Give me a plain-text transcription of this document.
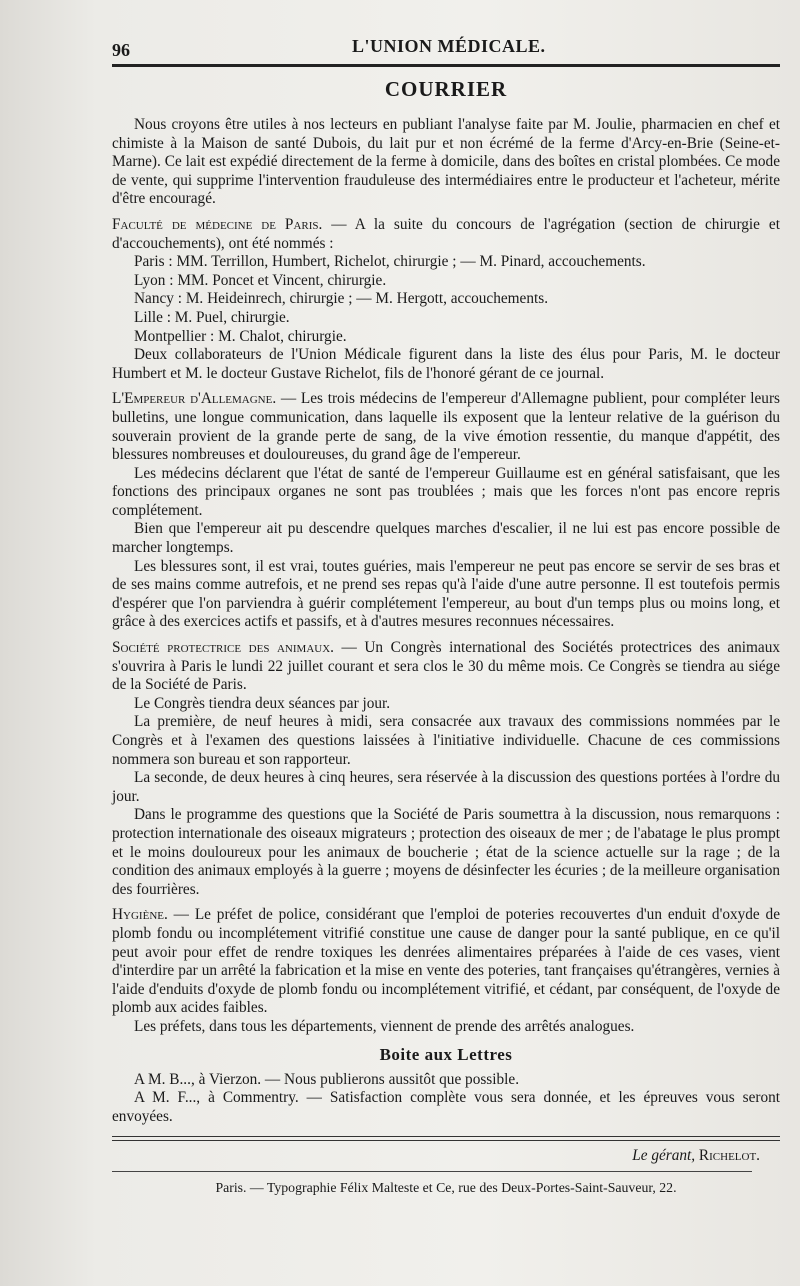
96	L'UNION MÉDICALE.
COURRIER

Nous croyons être utiles à nos lecteurs en publiant l'analyse faite par M. Joulie, pharmacien en chef et chimiste à la Maison de santé Dubois, du lait pur et non écrémé de la ferme d'Arcy-en-Brie (Seine-et-Marne). Ce lait est expédié directement de la ferme à domicile, dans des boîtes en cristal plombées. Ce mode de vente, qui supprime l'intervention frauduleuse des intermédiaires entre le producteur et l'acheteur, mérite d'être encouragé.

Faculté de médecine de Paris. — A la suite du concours de l'agrégation (section de chirurgie et d'accouchements), ont été nommés :

Paris : MM. Terrillon, Humbert, Richelot, chirurgie ; — M. Pinard, accouchements.

Lyon : MM. Poncet et Vincent, chirurgie.

Nancy : M. Heideinrech, chirurgie ; — M. Hergott, accouchements.

Lille : M. Puel, chirurgie.

Montpellier : M. Chalot, chirurgie.

Deux collaborateurs de l'Union Médicale figurent dans la liste des élus pour Paris, M. le docteur Humbert et M. le docteur Gustave Richelot, fils de l'honoré gérant de ce journal.

L'Empereur d'Allemagne. — Les trois médecins de l'empereur d'Allemagne publient, pour compléter leurs bulletins, une longue communication, dans laquelle ils exposent que la lenteur relative de la guérison du souverain provient de la grande perte de sang, de la vive émotion ressentie, du manque d'appétit, des blessures nombreuses et douloureuses, du grand âge de l'empereur.

Les médecins déclarent que l'état de santé de l'empereur Guillaume est en général satisfaisant, que les fonctions des principaux organes ne sont pas troublées ; mais que les forces n'ont pas encore repris complétement.

Bien que l'empereur ait pu descendre quelques marches d'escalier, il ne lui est pas encore possible de marcher longtemps.

Les blessures sont, il est vrai, toutes guéries, mais l'empereur ne peut pas encore se servir de ses bras et de ses mains comme autrefois, et ne prend ses repas qu'à l'aide d'une autre personne. Il est toutefois permis d'espérer que l'on parviendra à guérir complétement l'empereur, au bout d'un temps plus ou moins long, et grâce à des exercices actifs et passifs, et à d'autres mesures reconnues nécessaires.

Société protectrice des animaux. — Un Congrès international des Sociétés protectrices des animaux s'ouvrira à Paris le lundi 22 juillet courant et sera clos le 30 du même mois. Ce Congrès se tiendra au siége de la Société de Paris.

Le Congrès tiendra deux séances par jour.

La première, de neuf heures à midi, sera consacrée aux travaux des commissions nommées par le Congrès et à l'examen des questions laissées à l'initiative individuelle. Chacune de ces commissions nommera son bureau et son rapporteur.

La seconde, de deux heures à cinq heures, sera réservée à la discussion des questions portées à l'ordre du jour.

Dans le programme des questions que la Société de Paris soumettra à la discussion, nous remarquons : protection internationale des oiseaux migrateurs ; protection des oiseaux de mer ; de l'abatage le plus prompt et le moins douloureux pour les animaux de boucherie ; état de la science actuelle sur la rage ; de la condition des animaux employés à la guerre ; moyens de désinfecter les écuries ; de la meilleure organisation des fourrières.

Hygiène. — Le préfet de police, considérant que l'emploi de poteries recouvertes d'un enduit d'oxyde de plomb fondu ou incomplétement vitrifié constitue une cause de danger pour la santé publique, en ce qu'il peut avoir pour effet de rendre toxiques les denrées alimentaires préparées à l'aide de ces vases, vient d'interdire par un arrêté la fabrication et la mise en vente des poteries, tant françaises qu'étrangères, vernies à l'aide d'enduits d'oxyde de plomb fondu ou incomplétement vitrifié, et cédant, par conséquent, de l'oxyde de plomb aux acides faibles.

Les préfets, dans tous les départements, viennent de prende des arrêtés analogues.

Boite aux Lettres

A M. B..., à Vierzon. — Nous publierons aussitôt que possible.

A M. F..., à Commentry. — Satisfaction complète vous sera donnée, et les épreuves vous seront envoyées.

Le gérant, Richelot.
Paris. — Typographie Félix Malteste et Ce, rue des Deux-Portes-Saint-Sauveur, 22.
